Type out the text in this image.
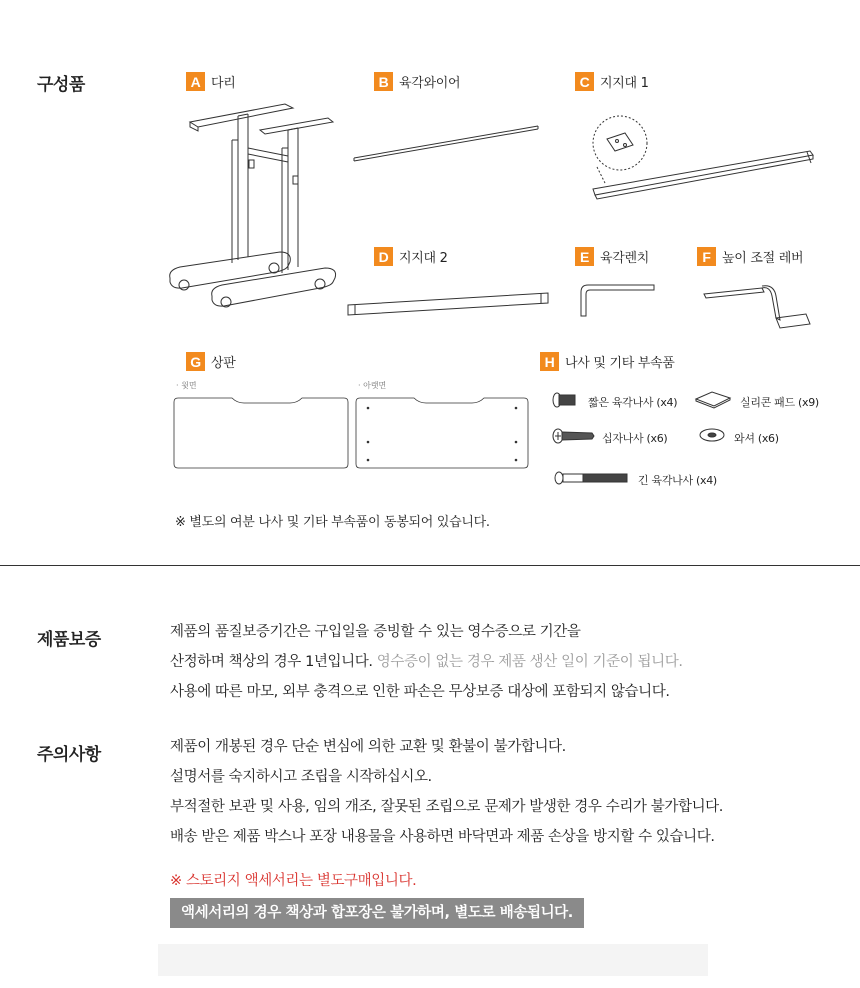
구성품	A 다리	B 육각와이어	C 지지대 1
D 지지대 2	E 육각렌치	F 높이 조절 레버
G 상판
· 윗면	· 아랫면
H 나사 및 기타 부속품
짧은 육각나사 (x4)	실리콘 패드 (x9)
십자나사 (x6)	와셔 (x6)
긴 육각나사 (x4)
※ 별도의 여분 나사 및 기타 부속품이 동봉되어 있습니다.
제품보증	제품의 품질보증기간은 구입일을 증빙할 수 있는 영수증으로 기간을
산정하며 책상의 경우 1년입니다. 영수증이 없는 경우 제품 생산 일이 기준이 됩니다.
사용에 따른 마모, 외부 충격으로 인한 파손은 무상보증 대상에 포함되지 않습니다.
주의사항	제품이 개봉된 경우 단순 변심에 의한 교환 및 환불이 불가합니다.
설명서를 숙지하시고 조립을 시작하십시오.
부적절한 보관 및 사용, 임의 개조, 잘못된 조립으로 문제가 발생한 경우 수리가 불가합니다.
배송 받은 제품 박스나 포장 내용물을 사용하면 바닥면과 제품 손상을 방지할 수 있습니다.
※ 스토리지 액세서리는 별도구매입니다.
액세서리의 경우 책상과 합포장은 불가하며, 별도로 배송됩니다.
